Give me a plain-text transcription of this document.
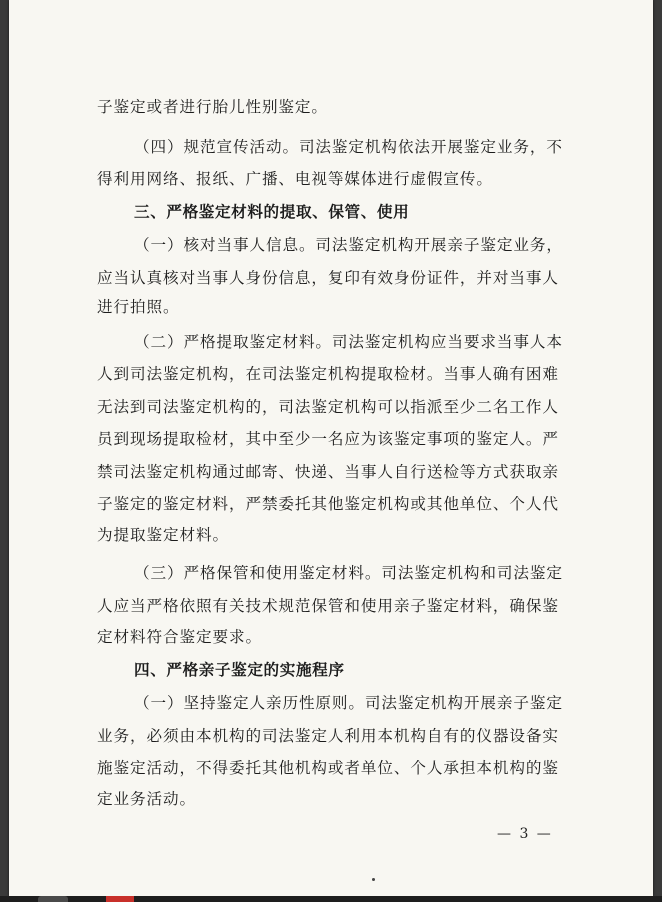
子鉴定或者进行胎儿性别鉴定。
（四）规范宣传活动。司法鉴定机构依法开展鉴定业务，不
得利用网络、报纸、广播、电视等媒体进行虚假宣传。
三、严格鉴定材料的提取、保管、使用
（一）核对当事人信息。司法鉴定机构开展亲子鉴定业务，
应当认真核对当事人身份信息，复印有效身份证件，并对当事人
进行拍照。
（二）严格提取鉴定材料。司法鉴定机构应当要求当事人本
人到司法鉴定机构，在司法鉴定机构提取检材。当事人确有困难
无法到司法鉴定机构的，司法鉴定机构可以指派至少二名工作人
员到现场提取检材，其中至少一名应为该鉴定事项的鉴定人。严
禁司法鉴定机构通过邮寄、快递、当事人自行送检等方式获取亲
子鉴定的鉴定材料，严禁委托其他鉴定机构或其他单位、个人代
为提取鉴定材料。
（三）严格保管和使用鉴定材料。司法鉴定机构和司法鉴定
人应当严格依照有关技术规范保管和使用亲子鉴定材料，确保鉴
定材料符合鉴定要求。
四、严格亲子鉴定的实施程序
（一）坚持鉴定人亲历性原则。司法鉴定机构开展亲子鉴定
业务，必须由本机构的司法鉴定人利用本机构自有的仪器设备实
施鉴定活动，不得委托其他机构或者单位、个人承担本机构的鉴
定业务活动。
— 3 —
